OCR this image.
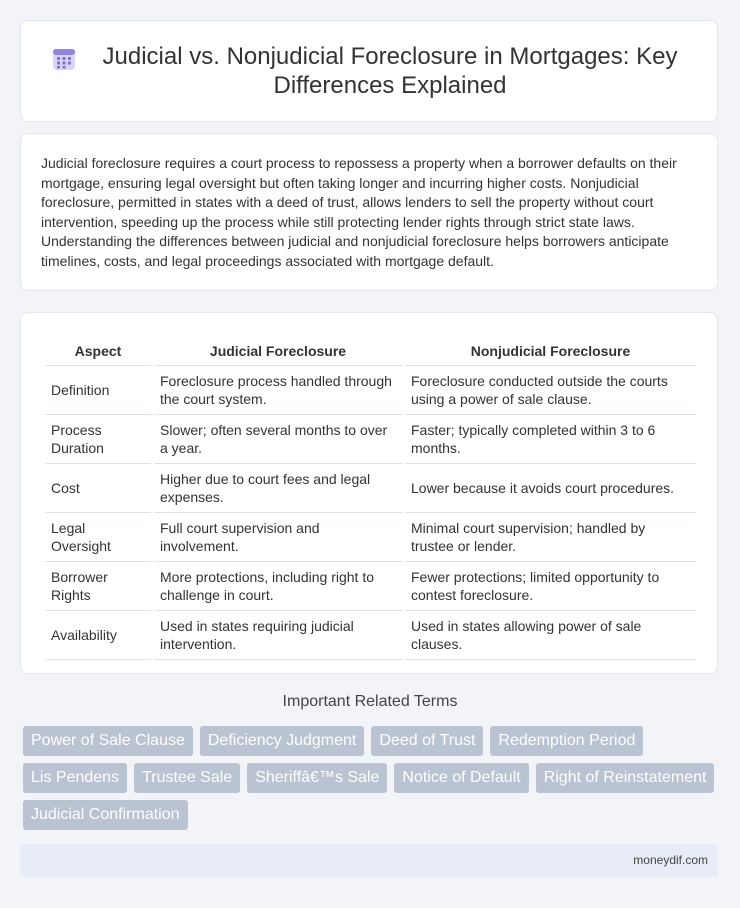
Judicial vs. Nonjudicial Foreclosure in Mortgages: Key Differences Explained

Judicial foreclosure requires a court process to repossess a property when a borrower defaults on their mortgage, ensuring legal oversight but often taking longer and incurring higher costs. Nonjudicial foreclosure, permitted in states with a deed of trust, allows lenders to sell the property without court intervention, speeding up the process while still protecting lender rights through strict state laws. Understanding the differences between judicial and nonjudicial foreclosure helps borrowers anticipate timelines, costs, and legal proceedings associated with mortgage default.

Aspect	Judicial Foreclosure	Nonjudicial Foreclosure
Definition	Foreclosure process handled through the court system.	Foreclosure conducted outside the courts using a power of sale clause.
Process Duration	Slower; often several months to over a year.	Faster; typically completed within 3 to 6 months.
Cost	Higher due to court fees and legal expenses.	Lower because it avoids court procedures.
Legal Oversight	Full court supervision and involvement.	Minimal court supervision; handled by trustee or lender.
Borrower Rights	More protections, including right to challenge in court.	Fewer protections; limited opportunity to contest foreclosure.
Availability	Used in states requiring judicial intervention.	Used in states allowing power of sale clauses.
Important Related Terms
Power of Sale Clause	Deficiency Judgment	Deed of Trust	Redemption Period
Lis Pendens	Trustee Sale	Sheriffâ€™s Sale	Notice of Default	Right of Reinstatement
Judicial Confirmation
moneydif.com
